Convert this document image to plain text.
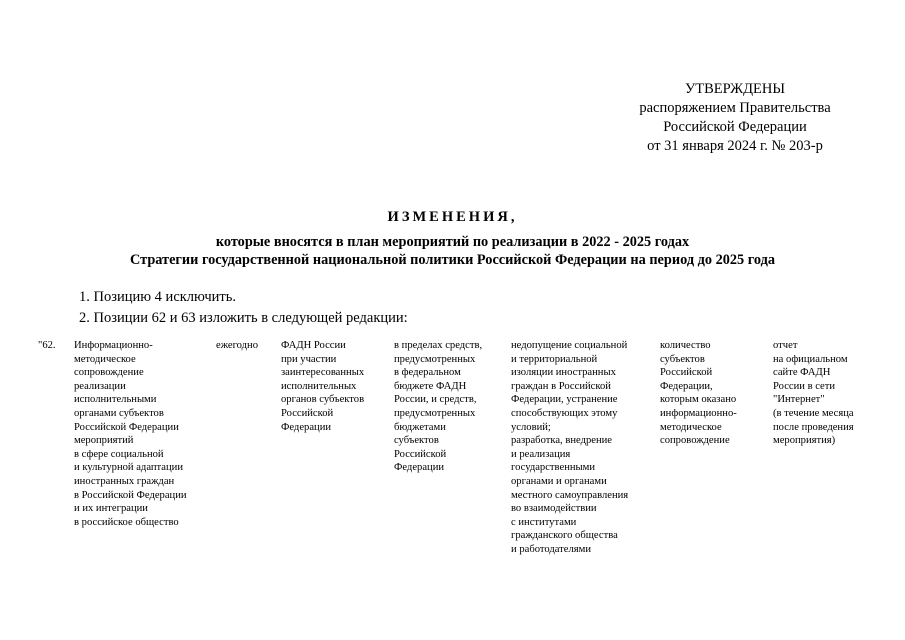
УТВЕРЖДЕНЫ
распоряжением Правительства
Российской Федерации
от 31 января 2024 г. № 203-р
ИЗМЕНЕНИЯ,
которые вносятся в план мероприятий по реализации в 2022 - 2025 годах
Стратегии государственной национальной политики Российской Федерации на период до 2025 года
1. Позицию 4 исключить.
2. Позиции 62 и 63 изложить в следующей редакции:
"62. Информационно-
методическое
сопровождение
реализации
исполнительными
органами субъектов
Российской Федерации
мероприятий
в сфере социальной
и культурной адаптации
иностранных граждан
в Российской Федерации
и их интеграции
в российское общество
ежегодно ФАДН России
при участии
заинтересованных
исполнительных
органов субъектов
Российской
Федерации
в пределах средств,
предусмотренных
в федеральном
бюджете ФАДН
России, и средств,
предусмотренных
бюджетами
субъектов
Российской
Федерации
недопущение социальной
и территориальной
изоляции иностранных
граждан в Российской
Федерации, устранение
способствующих этому
условий;
разработка, внедрение
и реализация
государственными
органами и органами
местного самоуправления
во взаимодействии
с институтами
гражданского общества
и работодателями
количество
субъектов
Российской
Федерации,
которым оказано
информационно-
методическое
сопровождение
отчет
на официальном
сайте ФАДН
России в сети
"Интернет"
(в течение месяца
после проведения
мероприятия)
